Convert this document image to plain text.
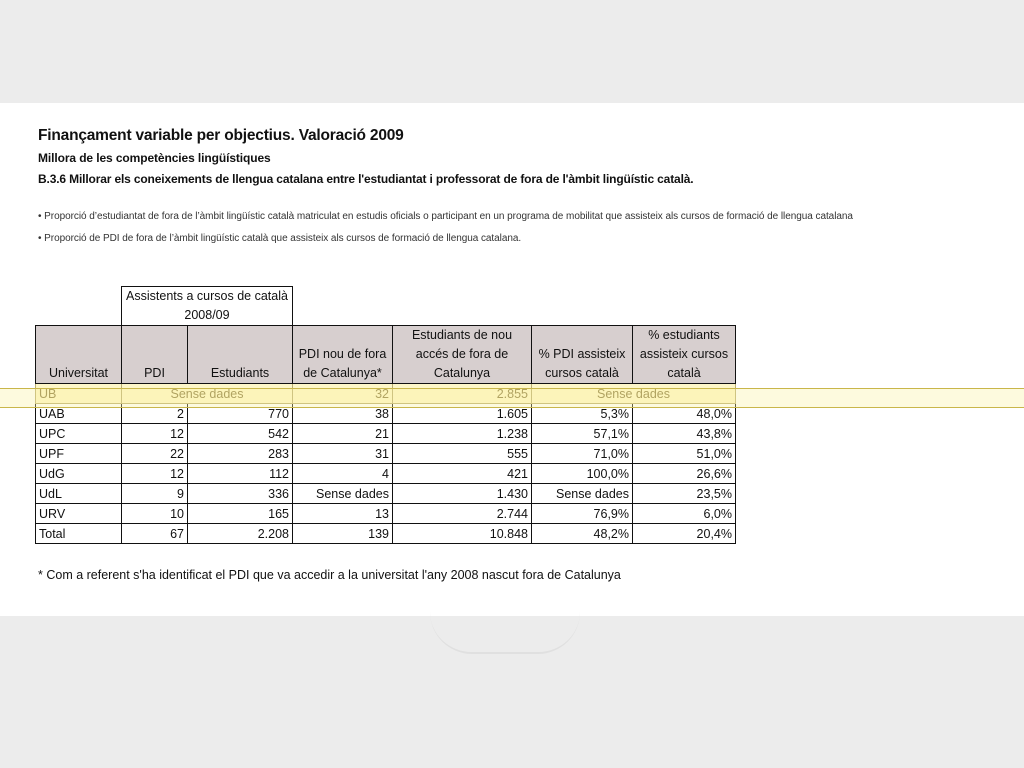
Finançament variable per objectius. Valoració 2009
Millora de les competències lingüístiques
B.3.6 Millorar els coneixements de llengua catalana entre l'estudiantat i professorat de fora de l'àmbit lingüístic català.
• Proporció d’estudiantat de fora de l’àmbit lingüístic català matriculat en estudis oficials o participant en un programa de mobilitat que assisteix als cursos de formació de llengua catalana
• Proporció de PDI de fora de l’àmbit lingüístic català que assisteix als cursos de formació de llengua catalana.
	Assistents a cursos de català 2008/09					
Universitat	PDI	Estudiants	PDI nou de fora de Catalunya*	Estudiants de nou accés de fora de Catalunya	% PDI assisteix cursos català	% estudiants assisteix cursos català
UB	Sense dades		32	2.855	Sense dades	
UAB	2	770	38	1.605	5,3%	48,0%
UPC	12	542	21	1.238	57,1%	43,8%
UPF	22	283	31	555	71,0%	51,0%
UdG	12	112	4	421	100,0%	26,6%
UdL	9	336	Sense dades	1.430	Sense dades	23,5%
URV	10	165	13	2.744	76,9%	6,0%
Total	67	2.208	139	10.848	48,2%	20,4%
* Com a referent s'ha identificat el PDI que va accedir a la universitat l'any 2008 nascut fora de Catalunya
